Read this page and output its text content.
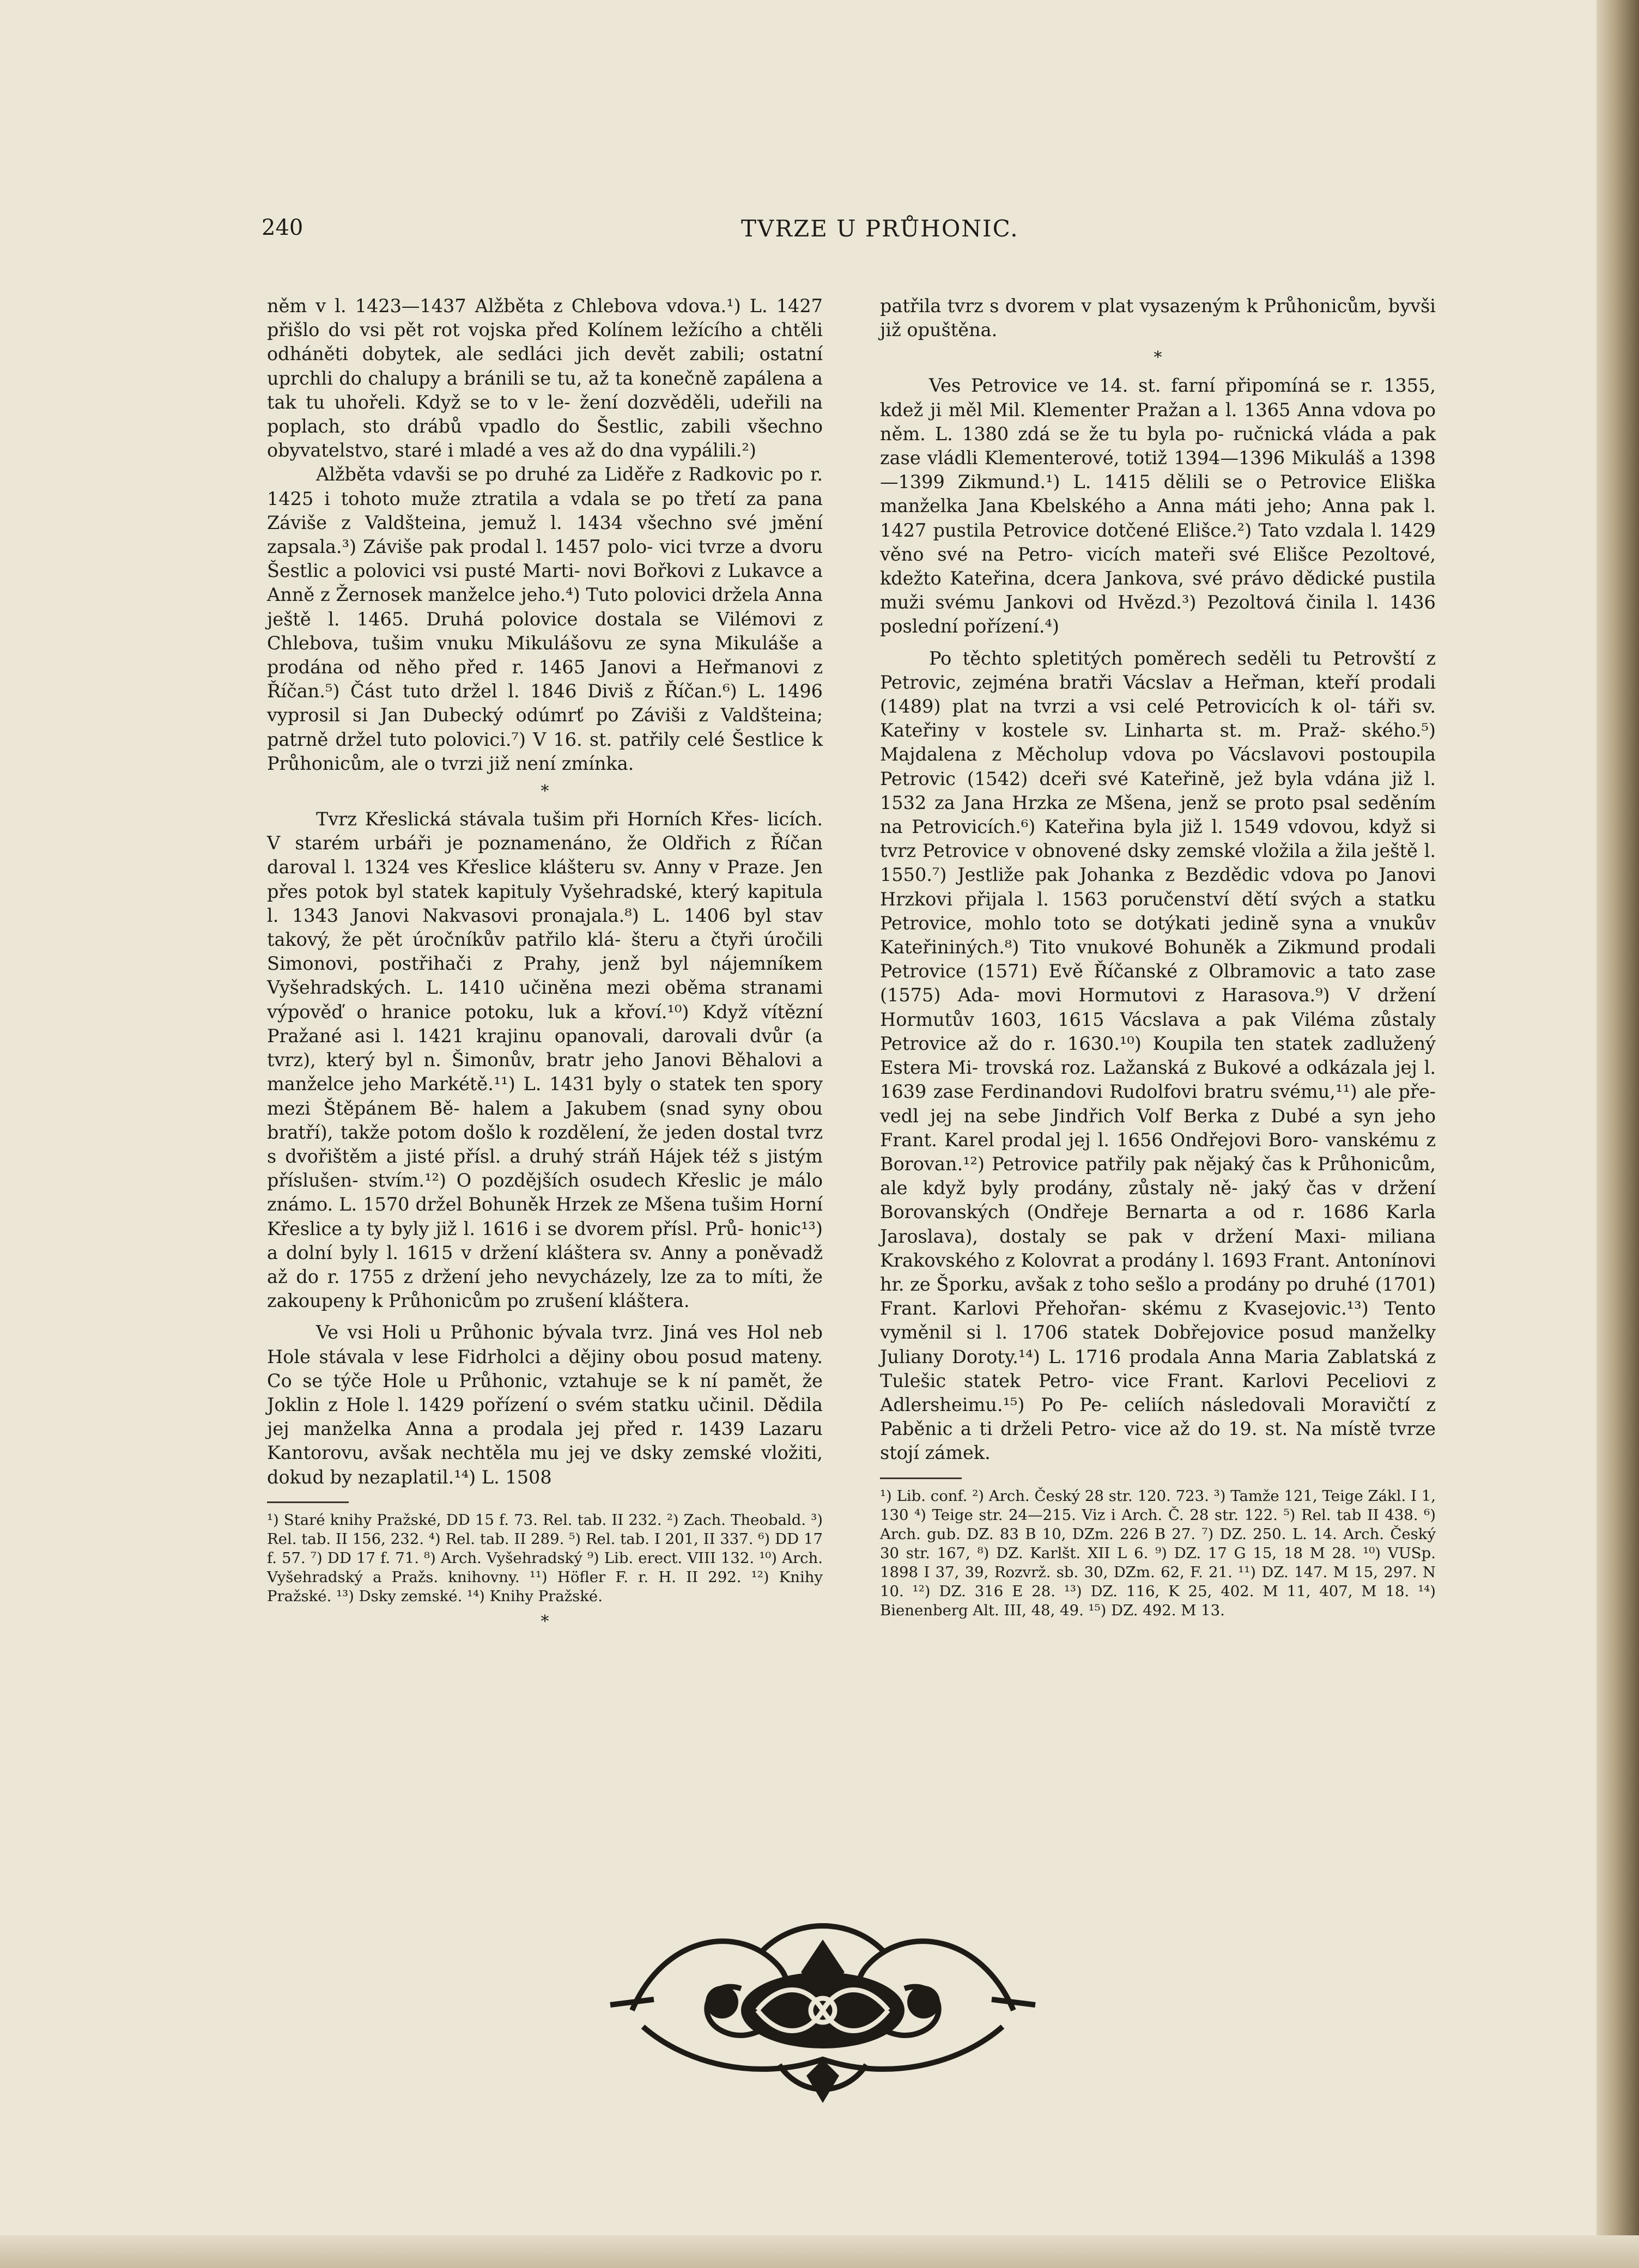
240	TVRZE U PRŮHONIC.

něm v l. 1423—1437 Alžběta z Chlebova vdova.¹) L. 1427 přišlo do vsi pět rot vojska před Kolínem ležícího a chtěli odháněti dobytek, ale sedláci jich devět zabili; ostatní uprchli do chalupy a bránili se tu, až ta konečně zapálena a tak tu uhořeli. Když se to v le- žení dozvěděli, udeřili na poplach, sto drábů vpadlo do Šestlic, zabili všechno obyvatelstvo, staré i mladé a ves až do dna vypálili.²)

Alžběta vdavši se po druhé za Liděře z Radkovic po r. 1425 i tohoto muže ztratila a vdala se po třetí za pana Záviše z Valdšteina, jemuž l. 1434 všechno své jmění zapsala.³) Záviše pak prodal l. 1457 polo- vici tvrze a dvoru Šestlic a polovici vsi pusté Marti- novi Bořkovi z Lukavce a Anně z Žernosek manželce jeho.⁴) Tuto polovici držela Anna ještě l. 1465. Druhá polovice dostala se Vilémovi z Chlebova, tušim vnuku Mikulášovu ze syna Mikuláše a prodána od něho před r. 1465 Janovi a Heřmanovi z Říčan.⁵) Část tuto držel l. 1846 Diviš z Říčan.⁶) L. 1496 vyprosil si Jan Dubecký odúmrť po Záviši z Valdšteina; patrně držel tuto polovici.⁷) V 16. st. patřily celé Šestlice k Průhonicům, ale o tvrzi již není zmínka.

*

Tvrz Křeslická stávala tušim při Horních Křes- licích. V starém urbáři je poznamenáno, že Oldřich z Říčan daroval l. 1324 ves Křeslice klášteru sv. Anny v Praze. Jen přes potok byl statek kapituly Vyšehradské, který kapitula l. 1343 Janovi Nakvasovi pronajala.⁸) L. 1406 byl stav takový, že pět úročníkův patřilo klá- šteru a čtyři úročili Simonovi, postřihači z Prahy, jenž byl nájemníkem Vyšehradských. L. 1410 učiněna mezi oběma stranami výpověď o hranice potoku, luk a křoví.¹⁰) Když vítězní Pražané asi l. 1421 krajinu opanovali, darovali dvůr (a tvrz), který byl n. Šimonův, bratr jeho Janovi Běhalovi a manželce jeho Markétě.¹¹) L. 1431 byly o statek ten spory mezi Štěpánem Bě- halem a Jakubem (snad syny obou bratří), takže potom došlo k rozdělení, že jeden dostal tvrz s dvořištěm a jisté přísl. a druhý stráň Hájek též s jistým příslušen- stvím.¹²) O pozdějších osudech Křeslic je málo známo. L. 1570 držel Bohuněk Hrzek ze Mšena tušim Horní Křeslice a ty byly již l. 1616 i se dvorem přísl. Prů- honic¹³) a dolní byly l. 1615 v držení kláštera sv. Anny a poněvadž až do r. 1755 z držení jeho nevycházely, lze za to míti, že zakoupeny k Průhonicům po zrušení kláštera.

Ve vsi Holi u Průhonic bývala tvrz. Jiná ves Hol neb Hole stávala v lese Fidrholci a dějiny obou posud mateny. Co se týče Hole u Průhonic, vztahuje se k ní pamět, že Joklin z Hole l. 1429 pořízení o svém statku učinil. Dědila jej manželka Anna a prodala jej před r. 1439 Lazaru Kantorovu, avšak nechtěla mu jej ve dsky zemské vložiti, dokud by nezaplatil.¹⁴) L. 1508

¹) Staré knihy Pražské, DD 15 f. 73. Rel. tab. II 232. ²) Zach. Theobald. ³) Rel. tab. II 156, 232. ⁴) Rel. tab. II 289. ⁵) Rel. tab. I 201, II 337. ⁶) DD 17 f. 57. ⁷) DD 17 f. 71. ⁸) Arch. Vyšehradský ⁹) Lib. erect. VIII 132. ¹⁰) Arch. Vyšehradský a Pražs. knihovny. ¹¹) Höfler F. r. H. II 292. ¹²) Knihy Pražské. ¹³) Dsky zemské. ¹⁴) Knihy Pražské.

*

patřila tvrz s dvorem v plat vysazeným k Průhonicům, byvši již opuštěna.

*

Ves Petrovice ve 14. st. farní připomíná se r. 1355, kdež ji měl Mil. Klementer Pražan a l. 1365 Anna vdova po něm. L. 1380 zdá se že tu byla po- ručnická vláda a pak zase vládli Klementerové, totiž 1394—1396 Mikuláš a 1398—1399 Zikmund.¹) L. 1415 dělili se o Petrovice Eliška manželka Jana Kbelského a Anna máti jeho; Anna pak l. 1427 pustila Petrovice dotčené Elišce.²) Tato vzdala l. 1429 věno své na Petro- vicích mateři své Elišce Pezoltové, kdežto Kateřina, dcera Jankova, své právo dědické pustila muži svému Jankovi od Hvězd.³) Pezoltová činila l. 1436 poslední pořízení.⁴)

Po těchto spletitých poměrech seděli tu Petrovští z Petrovic, zejména bratři Vácslav a Heřman, kteří prodali (1489) plat na tvrzi a vsi celé Petrovicích k ol- táři sv. Kateřiny v kostele sv. Linharta st. m. Praž- ského.⁵) Majdalena z Měcholup vdova po Vácslavovi postoupila Petrovic (1542) dceři své Kateřině, jež byla vdána již l. 1532 za Jana Hrzka ze Mšena, jenž se proto psal seděním na Petrovicích.⁶) Kateřina byla již l. 1549 vdovou, když si tvrz Petrovice v obnovené dsky zemské vložila a žila ještě l. 1550.⁷) Jestliže pak Johanka z Bezdědic vdova po Janovi Hrzkovi přijala l. 1563 poručenství dětí svých a statku Petrovice, mohlo toto se dotýkati jedině syna a vnukův Kateřininých.⁸) Tito vnukové Bohuněk a Zikmund prodali Petrovice (1571) Evě Říčanské z Olbramovic a tato zase (1575) Ada- movi Hormutovi z Harasova.⁹) V držení Hormutův 1603, 1615 Vácslava a pak Viléma zůstaly Petrovice až do r. 1630.¹⁰) Koupila ten statek zadlužený Estera Mi- trovská roz. Lažanská z Bukové a odkázala jej l. 1639 zase Ferdinandovi Rudolfovi bratru svému,¹¹) ale pře- vedl jej na sebe Jindřich Volf Berka z Dubé a syn jeho Frant. Karel prodal jej l. 1656 Ondřejovi Boro- vanskému z Borovan.¹²) Petrovice patřily pak nějaký čas k Průhonicům, ale když byly prodány, zůstaly ně- jaký čas v držení Borovanských (Ondřeje Bernarta a od r. 1686 Karla Jaroslava), dostaly se pak v držení Maxi- miliana Krakovského z Kolovrat a prodány l. 1693 Frant. Antonínovi hr. ze Šporku, avšak z toho sešlo a prodány po druhé (1701) Frant. Karlovi Přehořan- skému z Kvasejovic.¹³) Tento vyměnil si l. 1706 statek Dobřejovice posud manželky Juliany Doroty.¹⁴) L. 1716 prodala Anna Maria Zablatská z Tulešic statek Petro- vice Frant. Karlovi Peceliovi z Adlersheimu.¹⁵) Po Pe- celiích následovali Moravičtí z Paběnic a ti drželi Petro- vice až do 19. st. Na místě tvrze stojí zámek.

¹) Lib. conf. ²) Arch. Český 28 str. 120. 723. ³) Tamže 121, Teige Zákl. I 1, 130 ⁴) Teige str. 24—215. Viz i Arch. Č. 28 str. 122. ⁵) Rel. tab II 438. ⁶) Arch. gub. DZ. 83 B 10, DZm. 226 B 27. ⁷) DZ. 250. L. 14. Arch. Český 30 str. 167, ⁸) DZ. Karlšt. XII L 6. ⁹) DZ. 17 G 15, 18 M 28. ¹⁰) VUSp. 1898 I 37, 39, Rozvrž. sb. 30, DZm. 62, F. 21. ¹¹) DZ. 147. M 15, 297. N 10. ¹²) DZ. 316 E 28. ¹³) DZ. 116, K 25, 402. M 11, 407, M 18. ¹⁴) Bienenberg Alt. III, 48, 49. ¹⁵) DZ. 492. M 13.
